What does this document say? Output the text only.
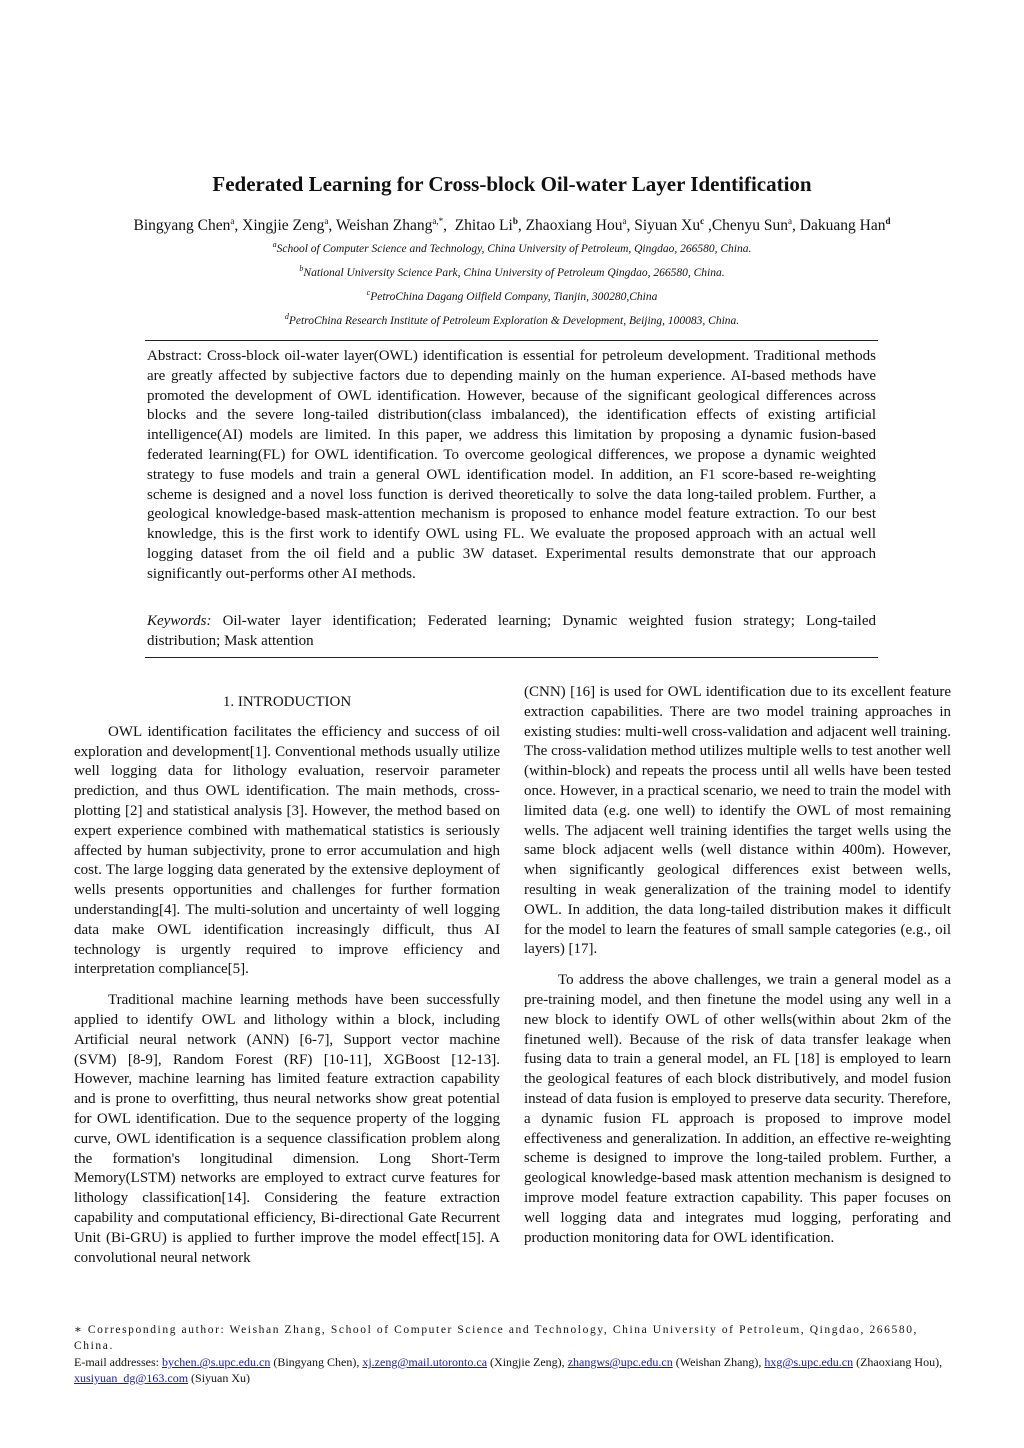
Federated Learning for Cross-block Oil-water Layer Identification
Bingyang Chen$^a$, Xingjie Zeng$^a$, Weishan Zhang$^{a,*}$,  Zhitao Li$^b$, Zhaoxiang Hou$^a$, Siyuan Xu$^c$ ,Chenyu Sun$^a$, Dakuang Han$^d$
$^a$School of Computer Science and Technology, China University of Petroleum, Qingdao, 266580, China.
$^b$National University Science Park, China University of Petroleum Qingdao, 266580, China.
$^c$PetroChina Dagang Oilfield Company, Tianjin, 300280,China
$^d$PetroChina Research Institute of Petroleum Exploration & Development, Beijing, 100083, China.

Abstract: Cross-block oil-water layer(OWL) identification is essential for petroleum development. Traditional methods are greatly affected by subjective factors due to depending mainly on the human experience. AI-based methods have promoted the development of OWL identification. However, because of the significant geological differences across blocks and the severe long-tailed distribution(class imbalanced), the identification effects of existing artificial intelligence(AI) models are limited. In this paper, we address this limitation by proposing a dynamic fusion-based federated learning(FL) for OWL identification. To overcome geological differences, we propose a dynamic weighted strategy to fuse models and train a general OWL identification model. In addition, an F1 score-based re-weighting scheme is designed and a novel loss function is derived theoretically to solve the data long-tailed problem. Further, a geological knowledge-based mask-attention mechanism is proposed to enhance model feature extraction. To our best knowledge, this is the first work to identify OWL using FL. We evaluate the proposed approach with an actual well logging dataset from the oil field and a public 3W dataset. Experimental results demonstrate that our approach significantly out-performs other AI methods.

Keywords: Oil-water layer identification; Federated learning; Dynamic weighted fusion strategy; Long-tailed distribution; Mask attention

1. INTRODUCTION

OWL identification facilitates the efficiency and success of oil exploration and development[1]. Conventional methods usually utilize well logging data for lithology evaluation, reservoir parameter prediction, and thus OWL identification. The main methods, cross-plotting [2] and statistical analysis [3]. However, the method based on expert experience combined with mathematical statistics is seriously affected by human subjectivity, prone to error accumulation and high cost. The large logging data generated by the extensive deployment of wells presents opportunities and challenges for further formation understanding[4]. The multi-solution and uncertainty of well logging data make OWL identification increasingly difficult, thus AI technology is urgently required to improve efficiency and interpretation compliance[5].

Traditional machine learning methods have been successfully applied to identify OWL and lithology within a block, including Artificial neural network (ANN) [6-7], Support vector machine (SVM) [8-9], Random Forest (RF) [10-11], XGBoost [12-13]. However, machine learning has limited feature extraction capability and is prone to overfitting, thus neural networks show great potential for OWL identification. Due to the sequence property of the logging curve, OWL identification is a sequence classification problem along the formation's longitudinal dimension. Long Short-Term Memory(LSTM) networks are employed to extract curve features for lithology classification[14]. Considering the feature extraction capability and computational efficiency, Bi-directional Gate Recurrent Unit (Bi-GRU) is applied to further improve the model effect[15]. A convolutional neural network

(CNN) [16] is used for OWL identification due to its excellent feature extraction capabilities. There are two model training approaches in existing studies: multi-well cross-validation and adjacent well training. The cross-validation method utilizes multiple wells to test another well (within-block) and repeats the process until all wells have been tested once. However, in a practical scenario, we need to train the model with limited data (e.g. one well) to identify the OWL of most remaining wells. The adjacent well training identifies the target wells using the same block adjacent wells (well distance within 400m). However, when significantly geological differences exist between wells, resulting in weak generalization of the training model to identify OWL. In addition, the data long-tailed distribution makes it difficult for the model to learn the features of small sample categories (e.g., oil layers) [17].

To address the above challenges, we train a general model as a pre-training model, and then finetune the model using any well in a new block to identify OWL of other wells(within about 2km of the finetuned well). Because of the risk of data transfer leakage when fusing data to train a general model, an FL [18] is employed to learn the geological features of each block distributively, and model fusion instead of data fusion is employed to preserve data security. Therefore, a dynamic fusion FL approach is proposed to improve model effectiveness and generalization. In addition, an effective re-weighting scheme is designed to improve the long-tailed problem. Further, a geological knowledge-based mask attention mechanism is designed to improve model feature extraction capability. This paper focuses on well logging data and integrates mud logging, perforating and production monitoring data for OWL identification.

∗ Corresponding author: Weishan Zhang, School of Computer Science and Technology, China University of Petroleum, Qingdao, 266580, China.
E-mail addresses: bychen.@s.upc.edu.cn (Bingyang Chen), xj.zeng@mail.utoronto.ca (Xingjie Zeng), zhangws@upc.edu.cn (Weishan Zhang), hxg@s.upc.edu.cn (Zhaoxiang Hou), xusiyuan_dg@163.com (Siyuan Xu)
